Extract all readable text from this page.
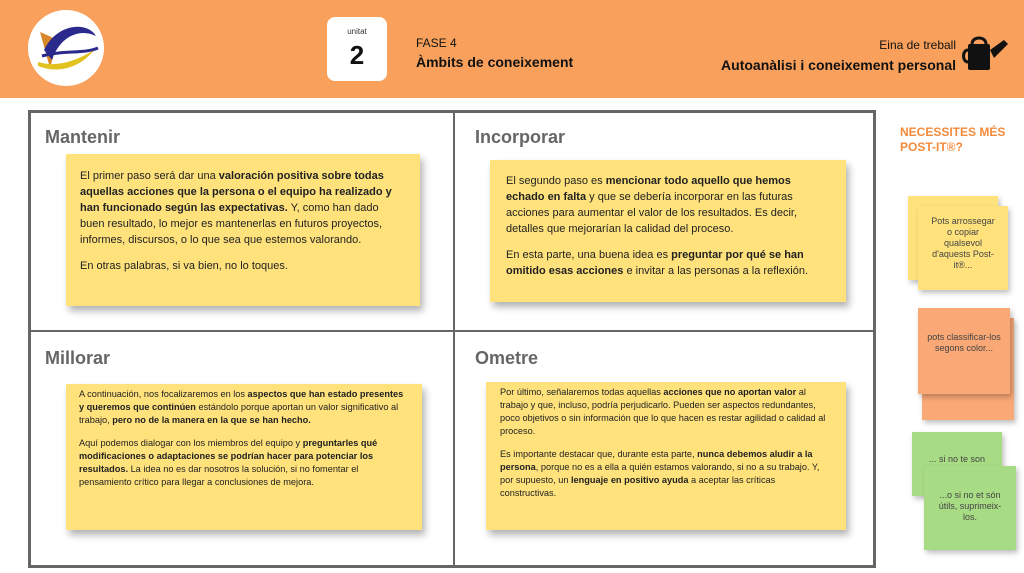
unitat
2	FASE 4
Àmbits de coneixement
Eina de treball
Autoanàlisi i coneixement personal
Mantenir	Incorporar
Millorar	Ometre

El primer paso será dar una valoración positiva sobre todas aquellas acciones que la persona o el equipo ha realizado y han funcionado según las expectativas. Y, como han dado buen resultado, lo mejor es mantenerlas en futuros proyectos, informes, discursos, o lo que sea que estemos valorando.

En otras palabras, si va bien, no lo toques.

El segundo paso es mencionar todo aquello que hemos echado en falta y que se debería incorporar en las futuras acciones para aumentar el valor de los resultados. Es decir, detalles que mejorarían la calidad del proceso.

En esta parte, una buena idea es preguntar por qué se han omitido esas acciones e invitar a las personas a la reflexión.

A continuación, nos focalizaremos en los aspectos que han estado presentes y queremos que continúen estándolo porque aportan un valor significativo al trabajo, pero no de la manera en la que se han hecho.

Aquí podemos dialogar con los miembros del equipo y preguntarles qué modificaciones o adaptaciones se podrían hacer para potenciar los resultados. La idea no es dar nosotros la solución, si no fomentar el pensamiento crítico para llegar a conclusiones de mejora.

Por último, señalaremos todas aquellas acciones que no aportan valor al trabajo y que, incluso, podría perjudicarlo. Pueden ser aspectos redundantes, poco objetivos o sin información que lo que hacen es restar agilidad o calidad al proceso.

Es importante destacar que, durante esta parte, nunca debemos aludir a la persona, porque no es a ella a quién estamos valorando, si no a su trabajo. Y, por supuesto, un lenguaje en positivo ayuda a aceptar las críticas constructivas.

NECESSITES MÉS POST-IT®?
Pots arrossegar o copiar qualsevol d'aquests Post-it®...
pots classificar-los segons color...
... si no te son
...o si no et són útils, suprimeix-los.
